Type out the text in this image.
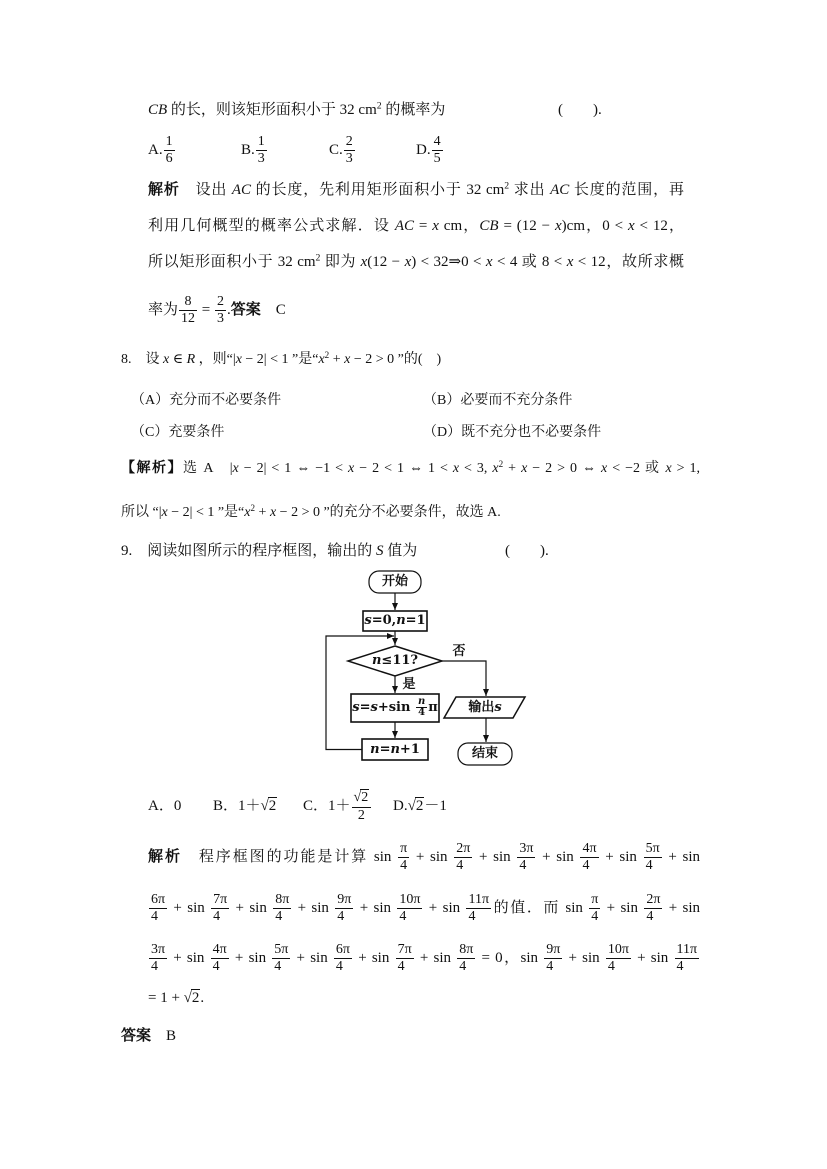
CB 的长，则该矩形面积小于 32 $cm^2$ 的概率为	(　　).
A. $\frac{1}{6}$	B. $\frac{1}{3}$	C. $\frac{2}{3}$	D. $\frac{4}{5}$
解析　设出 AC 的长度，先利用矩形面积小于 32 $cm^2$ 求出 AC 长度的范围，再
利用几何概型的概率公式求解．设 AC = x cm，CB = (12 − x)cm，0 < x < 12，
所以矩形面积小于 32 $cm^2$ 即为 x(12 − x) < 32⇒0 < x < 4 或 8 < x < 12，故所求概
率为 $\frac{8}{12} = \frac{2}{3}$ .答案　C
8.　设 x ∈ R ，则“|x − 2| < 1 ”是“$x^2 + x - 2 > 0$ ”的(　)
（A）充分而不必要条件	（B）必要而不充分条件
（C）充要条件	（D）既不充分也不必要条件
【解析】选 A　|x − 2| < 1 ⇔ −1 < x − 2 < 1 ⇔ 1 < x < 3, $x^2 + x - 2 > 0$ ⇔ x < −2 或 x > 1,
所以 “|x − 2| < 1 ”是“$x^2 + x - 2 > 0$ ”的充分不必要条件，故选 A.
9.　阅读如图所示的程序框图，输出的 S 值为	(　　).
开始
s=0,n=1
n≤11?
否
是
$s=s+\sin \frac{n}{4}$ π	输出s
n=n+1	结束
A．0 B．1＋√ 2 C．1＋
√ $\frac{2}{2} D.√$ 2－1
解析　程序框图的功能是计算 $\sin \frac{\pi}{4} + \sin \frac{2\pi}{4} + \sin \frac{3\pi}{4} + \sin \frac{4\pi}{4} + \sin \frac{5\pi}{4} + \sin$
$\frac{6\pi}{4} + \sin \frac{7\pi}{4} + \sin \frac{8\pi}{4} + \sin \frac{9\pi}{4} + \sin \frac{10\pi}{4} + \sin \frac{11\pi}{4}$ 的值．而 $\sin \frac{\pi}{4} + \sin \frac{2\pi}{4} + \sin$
$\frac{3\pi}{4} + \sin \frac{4\pi}{4} + \sin \frac{5\pi}{4} + \sin \frac{6\pi}{4} + \sin \frac{7\pi}{4} + \sin \frac{8\pi}{4} = 0$，$\sin \frac{9\pi}{4} + \sin \frac{10\pi}{4} + \sin \frac{11\pi}{4}$
= 1 + √ 2.
答案　B
